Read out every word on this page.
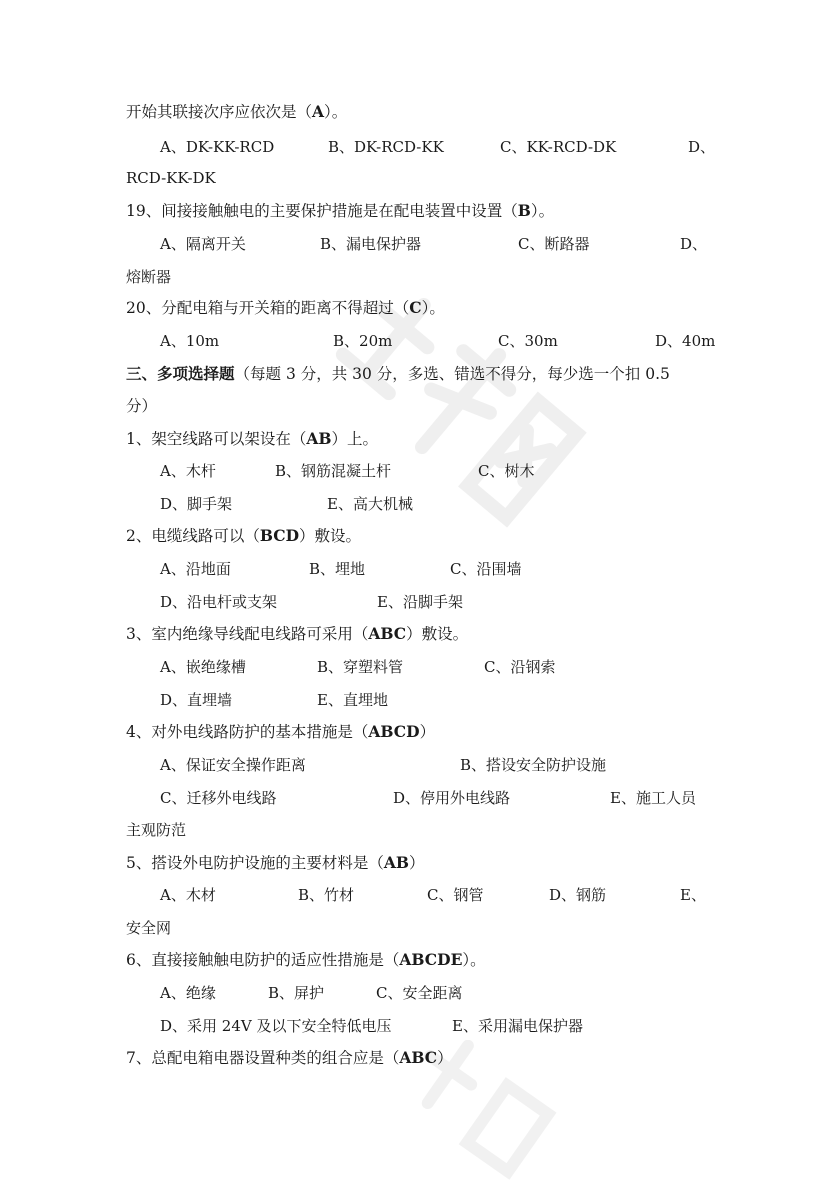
开始其联接次序应依次是（A）。
A、DK-KK-RCD	B、DK-RCD-KK	C、KK-RCD-DK	D、
RCD-KK-DK
19、间接接触触电的主要保护措施是在配电装置中设置（B）。
A、隔离开关	B、漏电保护器	C、断路器	D、
熔断器
20、分配电箱与开关箱的距离不得超过（C）。
A、10m	B、20m	C、30m	D、40m
三、多项选择题（每题 3 分，共 30 分，多选、错选不得分，每少选一个扣 0.5
分）
1、架空线路可以架设在（AB）上。
A、木杆	B、钢筋混凝土杆	C、树木
D、脚手架	E、高大机械
2、电缆线路可以（BCD）敷设。
A、沿地面	B、埋地	C、沿围墙
D、沿电杆或支架	E、沿脚手架
3、室内绝缘导线配电线路可采用（ABC）敷设。
A、嵌绝缘槽	B、穿塑料管	C、沿钢索
D、直埋墙	E、直埋地
4、对外电线路防护的基本措施是（ABCD）
A、保证安全操作距离	B、搭设安全防护设施
C、迁移外电线路	D、停用外电线路	E、施工人员
主观防范
5、搭设外电防护设施的主要材料是（AB）
A、木材	B、竹材	C、钢管	D、钢筋	E、
安全网
6、直接接触触电防护的适应性措施是（ABCDE）。
A、绝缘	B、屏护	C、安全距离
D、采用 24V 及以下安全特低电压	E、采用漏电保护器
7、总配电箱电器设置种类的组合应是（ABC）
